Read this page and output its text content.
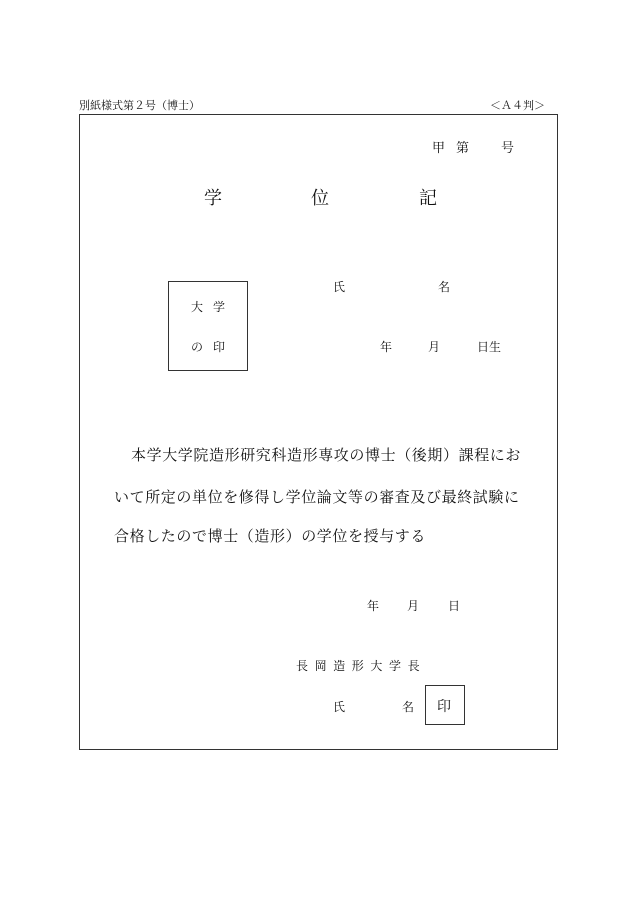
別紙様式第２号（博士）	＜Ａ４判＞
甲 第 号
学	位	記
大 学
の 印
氏	名
年	月	日生
本学大学院造形研究科造形専攻の博士（後期）課程にお
いて所定の単位を修得し学位論文等の審査及び最終試験に
合格したので博士（造形）の学位を授与する
年 月 日
長岡造形大学長
氏	名 印
